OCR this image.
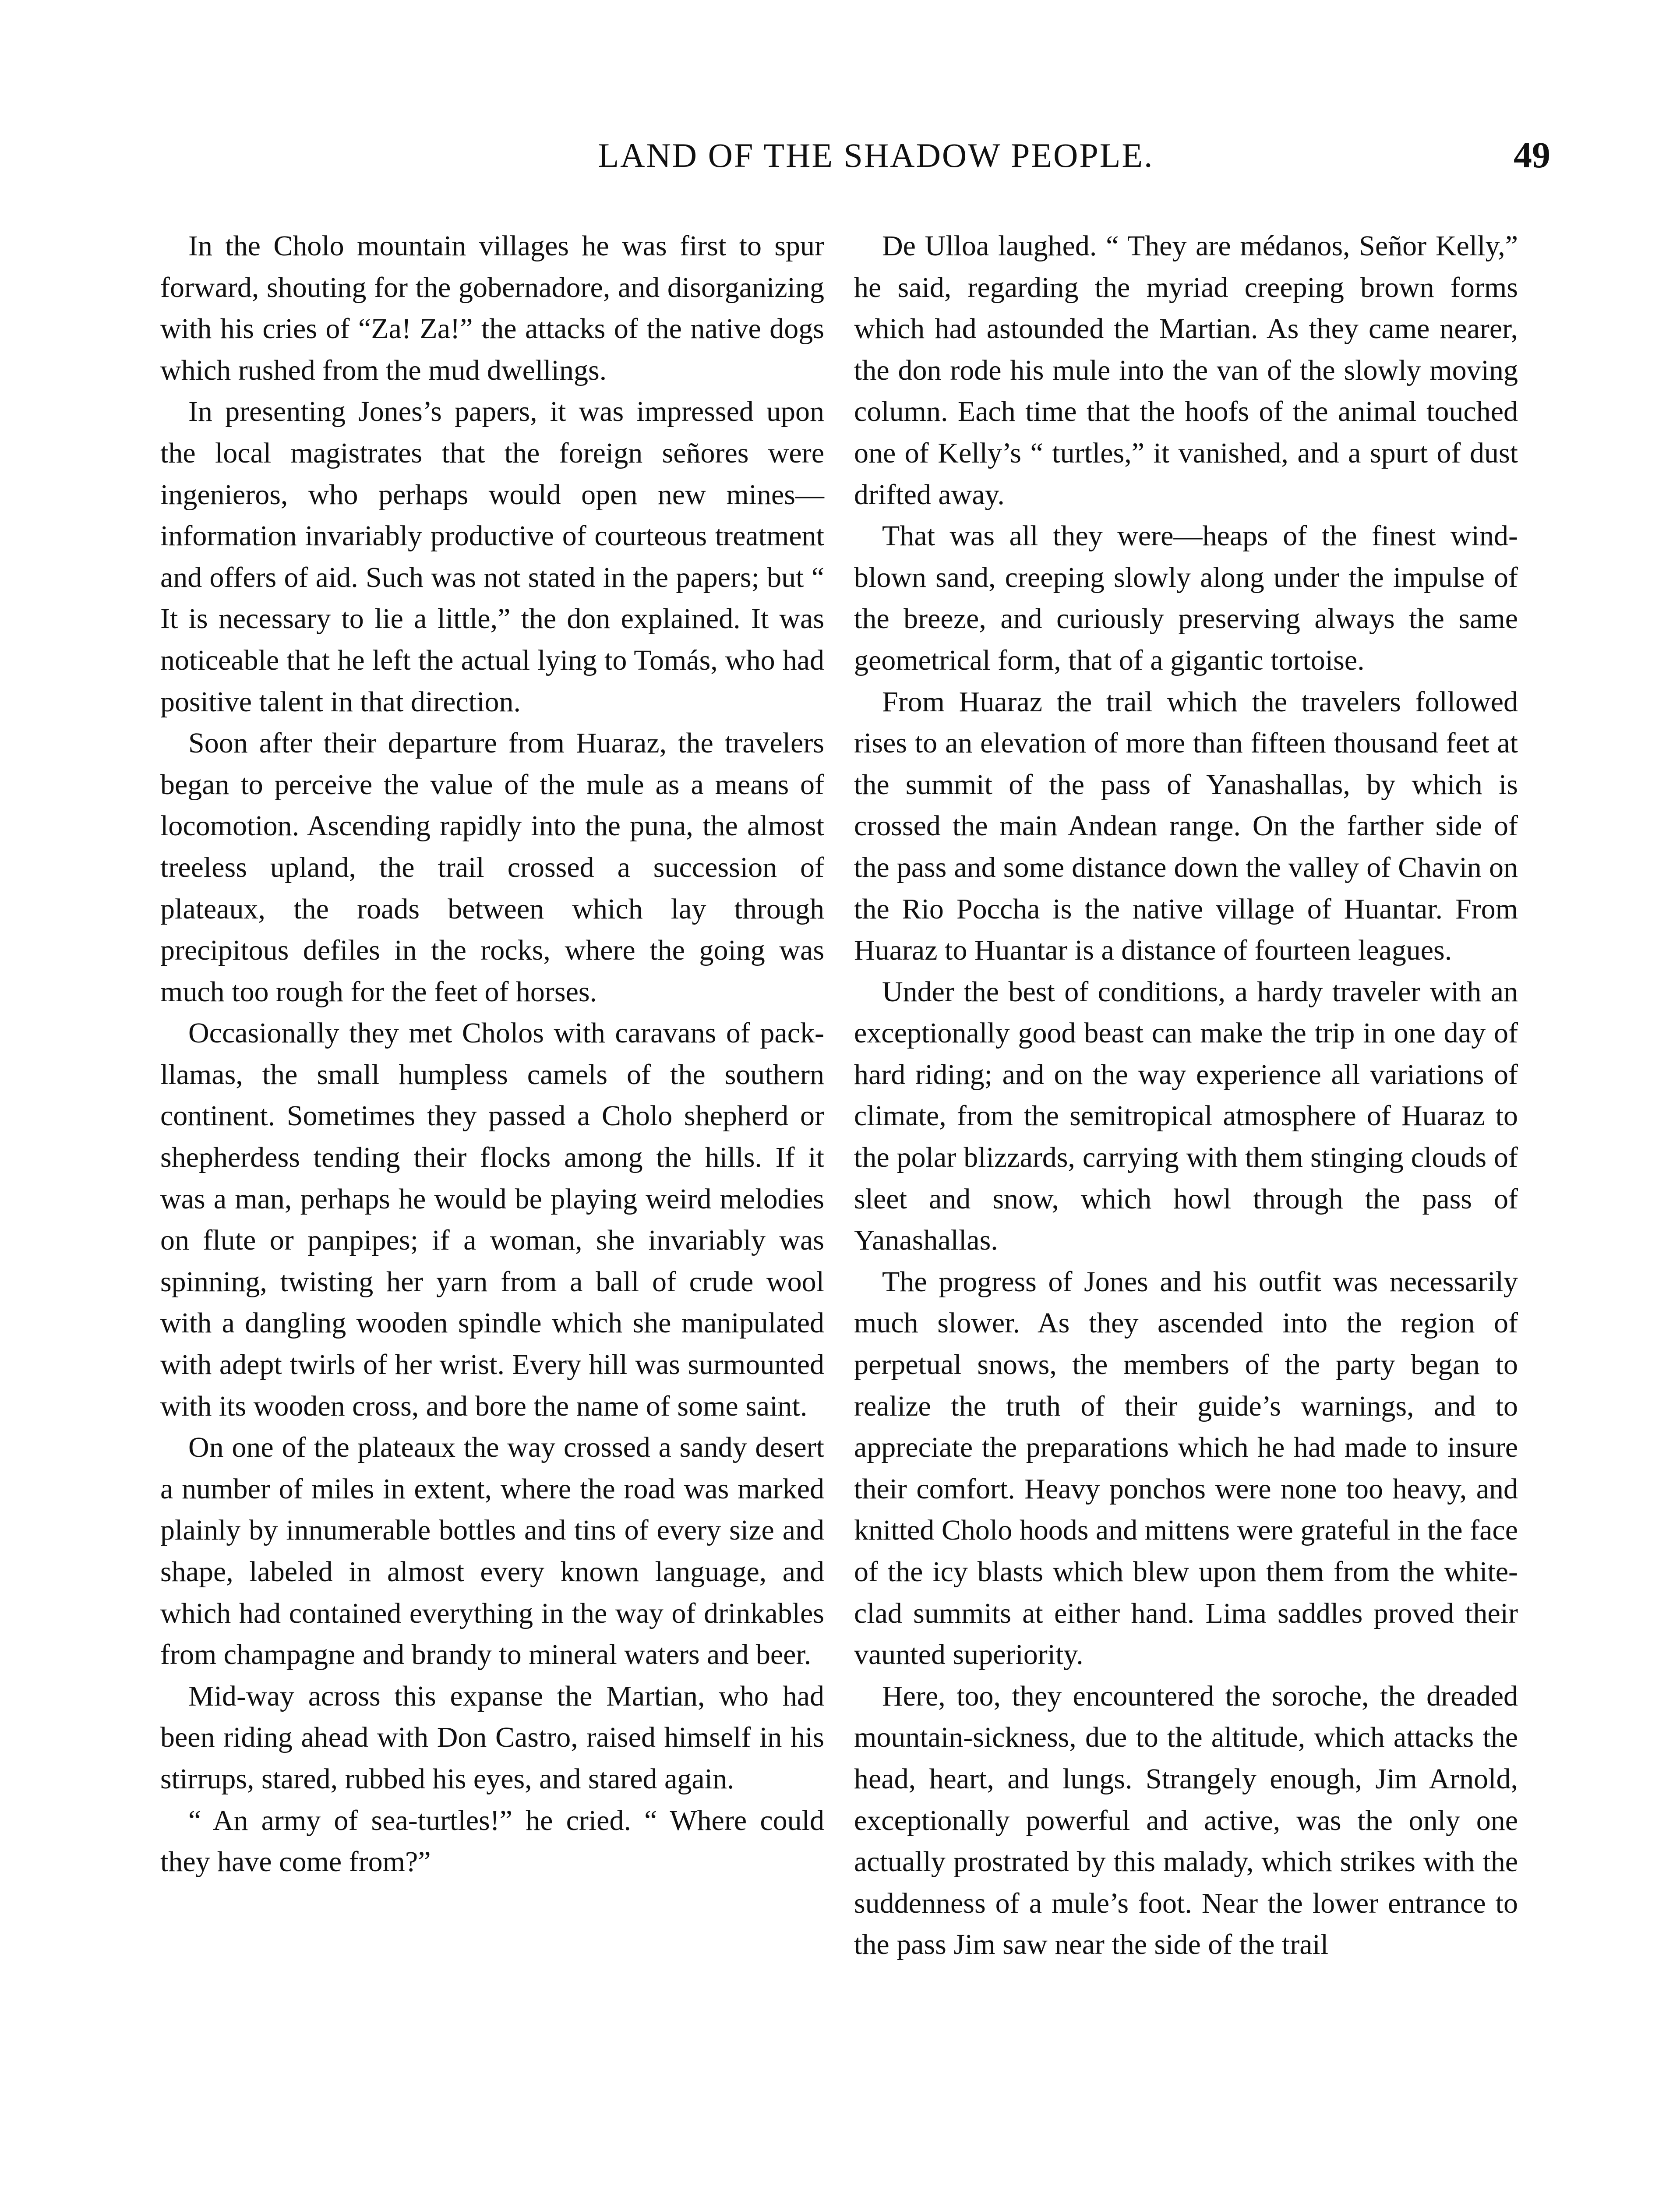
LAND OF THE SHADOW PEOPLE.	49

In the Cholo mountain villages he was first to spur forward, shouting for the gobernadore, and disorganizing with his cries of “Za! Za!” the attacks of the native dogs which rushed from the mud dwellings.

In presenting Jones’s papers, it was impressed upon the local magistrates that the foreign señores were ingenieros, who perhaps would open new mines—information invariably productive of courteous treatment and offers of aid. Such was not stated in the papers; but “ It is necessary to lie a little,” the don explained. It was noticeable that he left the actual lying to Tomás, who had positive talent in that direction.

Soon after their departure from Huaraz, the travelers began to perceive the value of the mule as a means of locomotion. Ascending rapidly into the puna, the almost treeless upland, the trail crossed a succession of plateaux, the roads between which lay through precipitous defiles in the rocks, where the going was much too rough for the feet of horses.

Occasionally they met Cholos with caravans of pack-llamas, the small humpless camels of the southern continent. Sometimes they passed a Cholo shepherd or shepherdess tending their flocks among the hills. If it was a man, perhaps he would be playing weird melodies on flute or panpipes; if a woman, she invariably was spinning, twisting her yarn from a ball of crude wool with a dangling wooden spindle which she manipulated with adept twirls of her wrist. Every hill was surmounted with its wooden cross, and bore the name of some saint.

On one of the plateaux the way crossed a sandy desert a number of miles in extent, where the road was marked plainly by innumerable bottles and tins of every size and shape, labeled in almost every known language, and which had contained everything in the way of drinkables from champagne and brandy to mineral waters and beer.

Mid-way across this expanse the Martian, who had been riding ahead with Don Castro, raised himself in his stirrups, stared, rubbed his eyes, and stared again.

“ An army of sea-turtles!” he cried. “ Where could they have come from?”

De Ulloa laughed. “ They are médanos, Señor Kelly,” he said, regarding the myriad creeping brown forms which had astounded the Martian. As they came nearer, the don rode his mule into the van of the slowly moving column. Each time that the hoofs of the animal touched one of Kelly’s “ turtles,” it vanished, and a spurt of dust drifted away.

That was all they were—heaps of the finest wind-blown sand, creeping slowly along under the impulse of the breeze, and curiously preserving always the same geometrical form, that of a gigantic tortoise.

From Huaraz the trail which the travelers followed rises to an elevation of more than fifteen thousand feet at the summit of the pass of Yanashallas, by which is crossed the main Andean range. On the farther side of the pass and some distance down the valley of Chavin on the Rio Poccha is the native village of Huantar. From Huaraz to Huantar is a distance of fourteen leagues.

Under the best of conditions, a hardy traveler with an exceptionally good beast can make the trip in one day of hard riding; and on the way experience all variations of climate, from the semitropical atmosphere of Huaraz to the polar blizzards, carrying with them stinging clouds of sleet and snow, which howl through the pass of Yanashallas.

The progress of Jones and his outfit was necessarily much slower. As they ascended into the region of perpetual snows, the members of the party began to realize the truth of their guide’s warnings, and to appreciate the preparations which he had made to insure their comfort. Heavy ponchos were none too heavy, and knitted Cholo hoods and mittens were grateful in the face of the icy blasts which blew upon them from the white-clad summits at either hand. Lima saddles proved their vaunted superiority.

Here, too, they encountered the soroche, the dreaded mountain-sickness, due to the altitude, which attacks the head, heart, and lungs. Strangely enough, Jim Arnold, exceptionally powerful and active, was the only one actually prostrated by this malady, which strikes with the suddenness of a mule’s foot. Near the lower entrance to the pass Jim saw near the side of the trail
